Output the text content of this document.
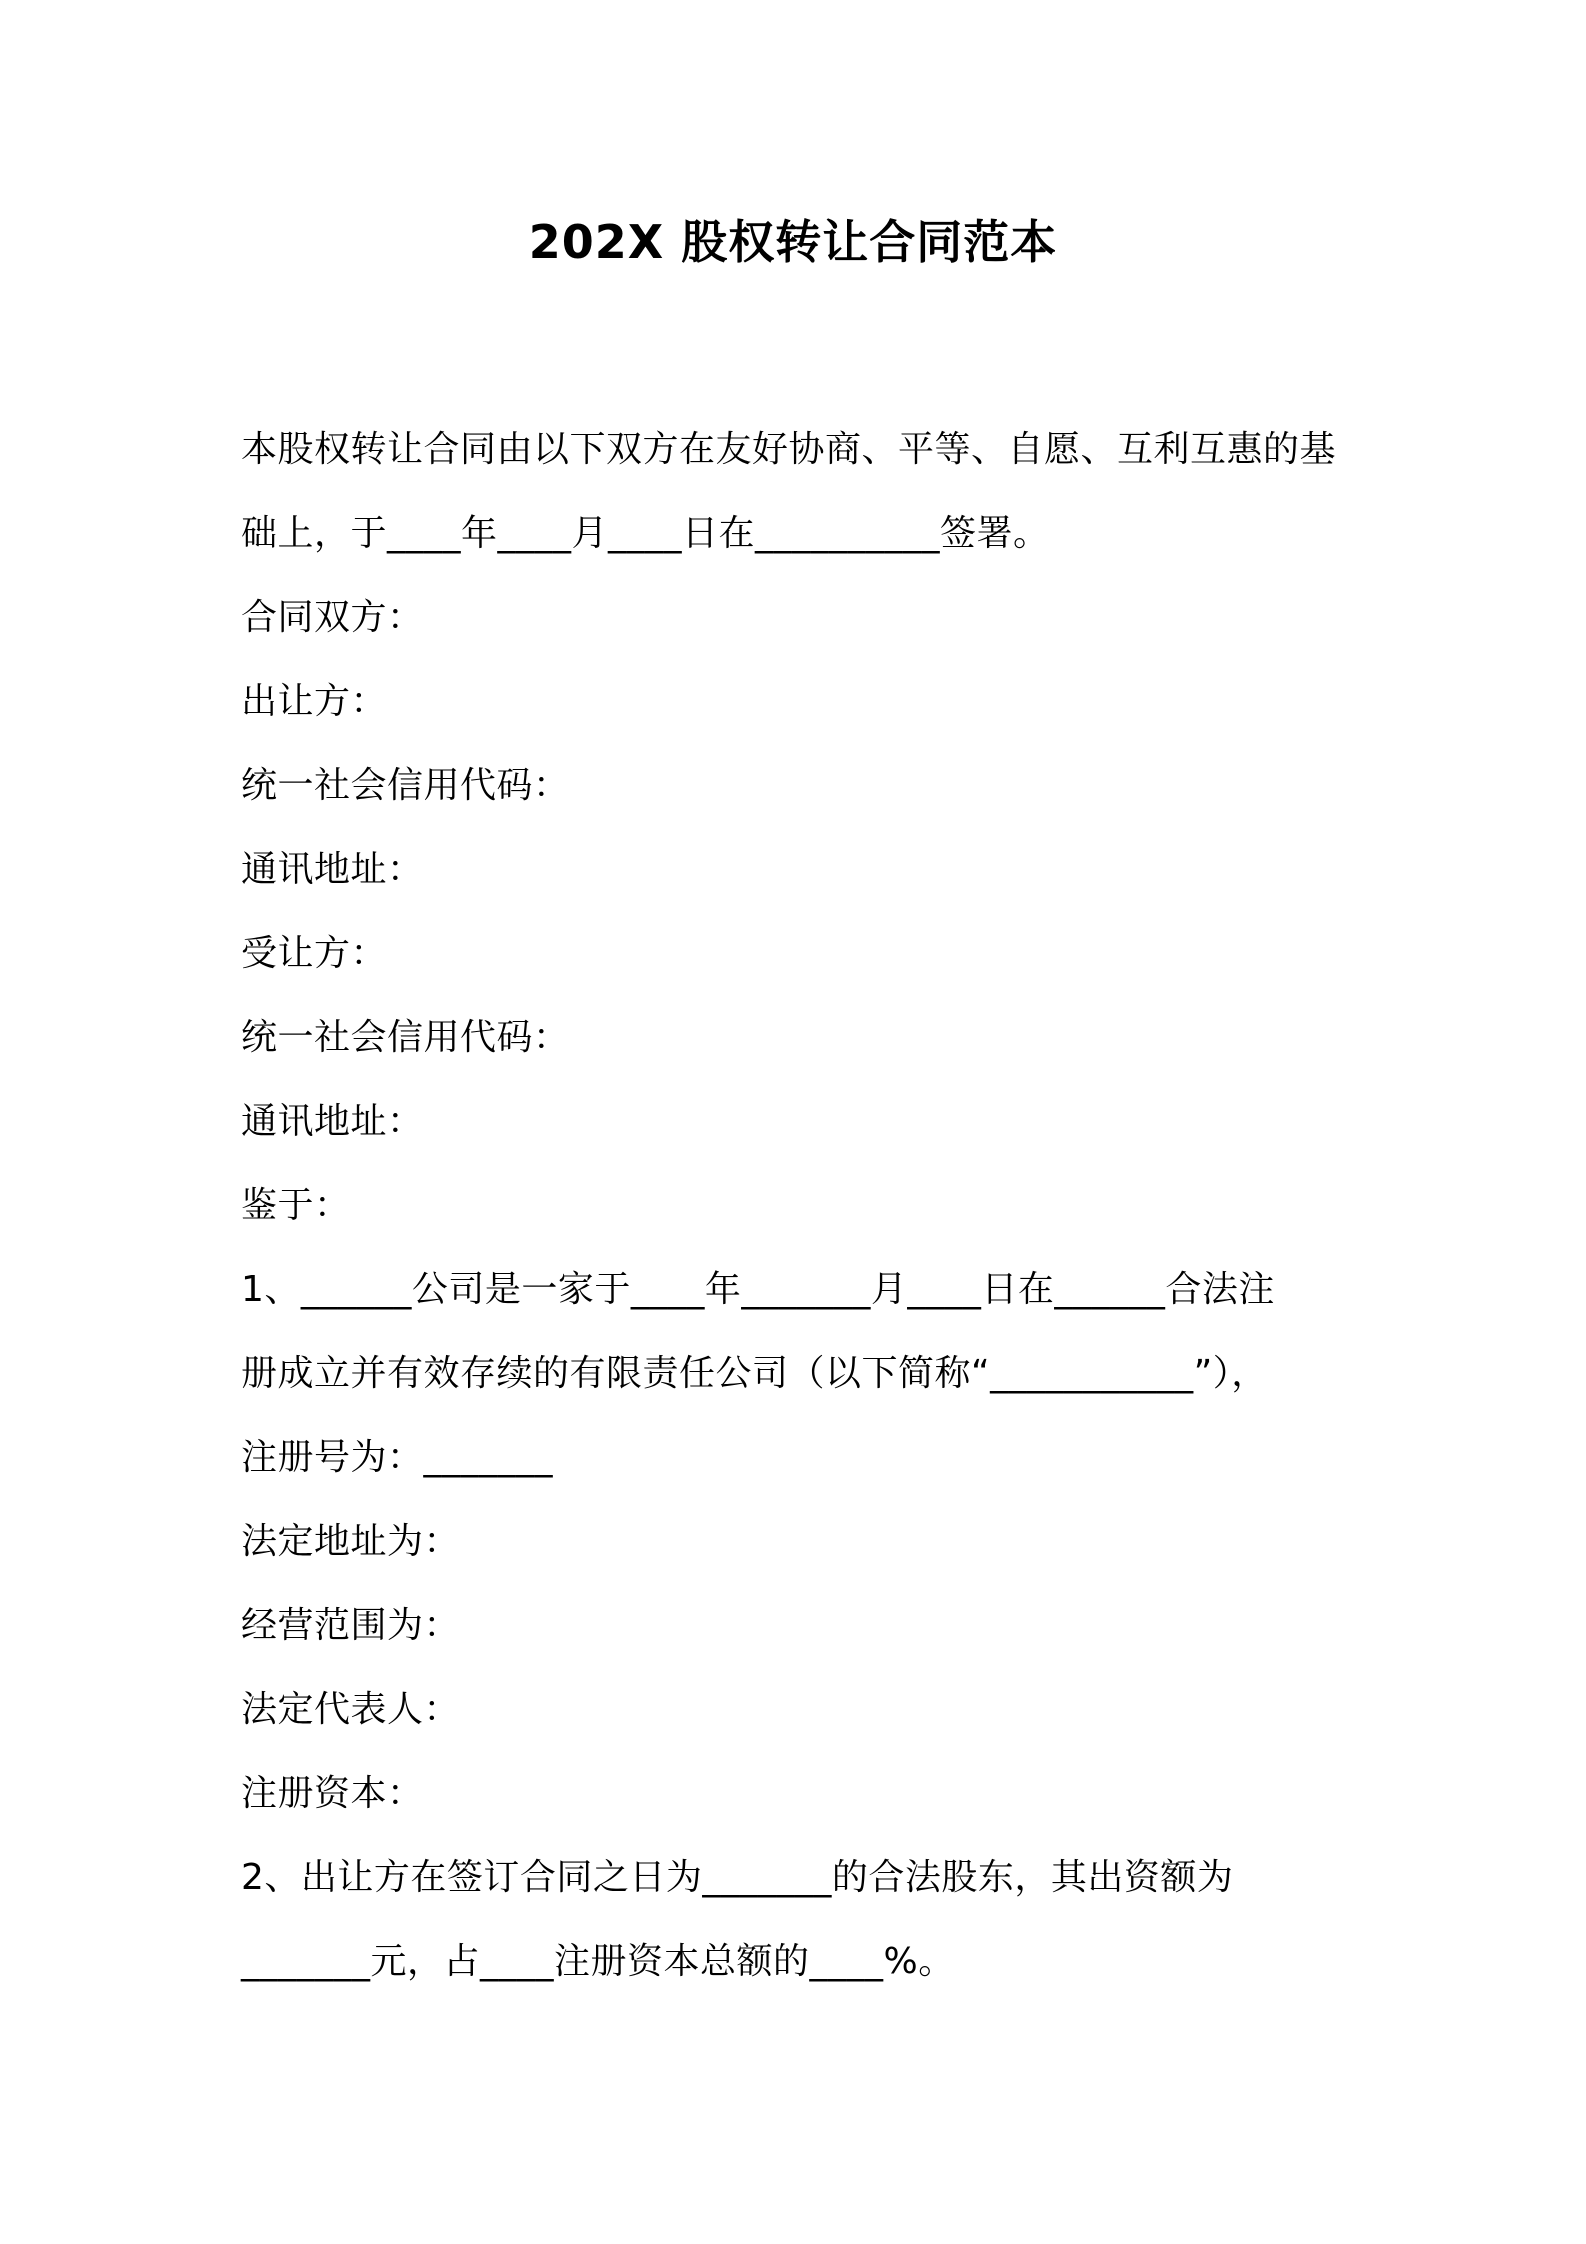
202X 股权转让合同范本
本股权转让合同由以下双方在友好协商、平等、自愿、互利互惠的基
础上，于____年____月____日在__________签署。
合同双方：
出让方：
统一社会信用代码：
通讯地址：
受让方：
统一社会信用代码：
通讯地址：
鉴于：
1、______公司是一家于____年_______月____日在______合法注
册成立并有效存续的有限责任公司（以下简称“___________”），
注册号为：_______
法定地址为：
经营范围为：
法定代表人：
注册资本：
2、出让方在签订合同之日为_______的合法股东，其出资额为
_______元，占____注册资本总额的____%。
